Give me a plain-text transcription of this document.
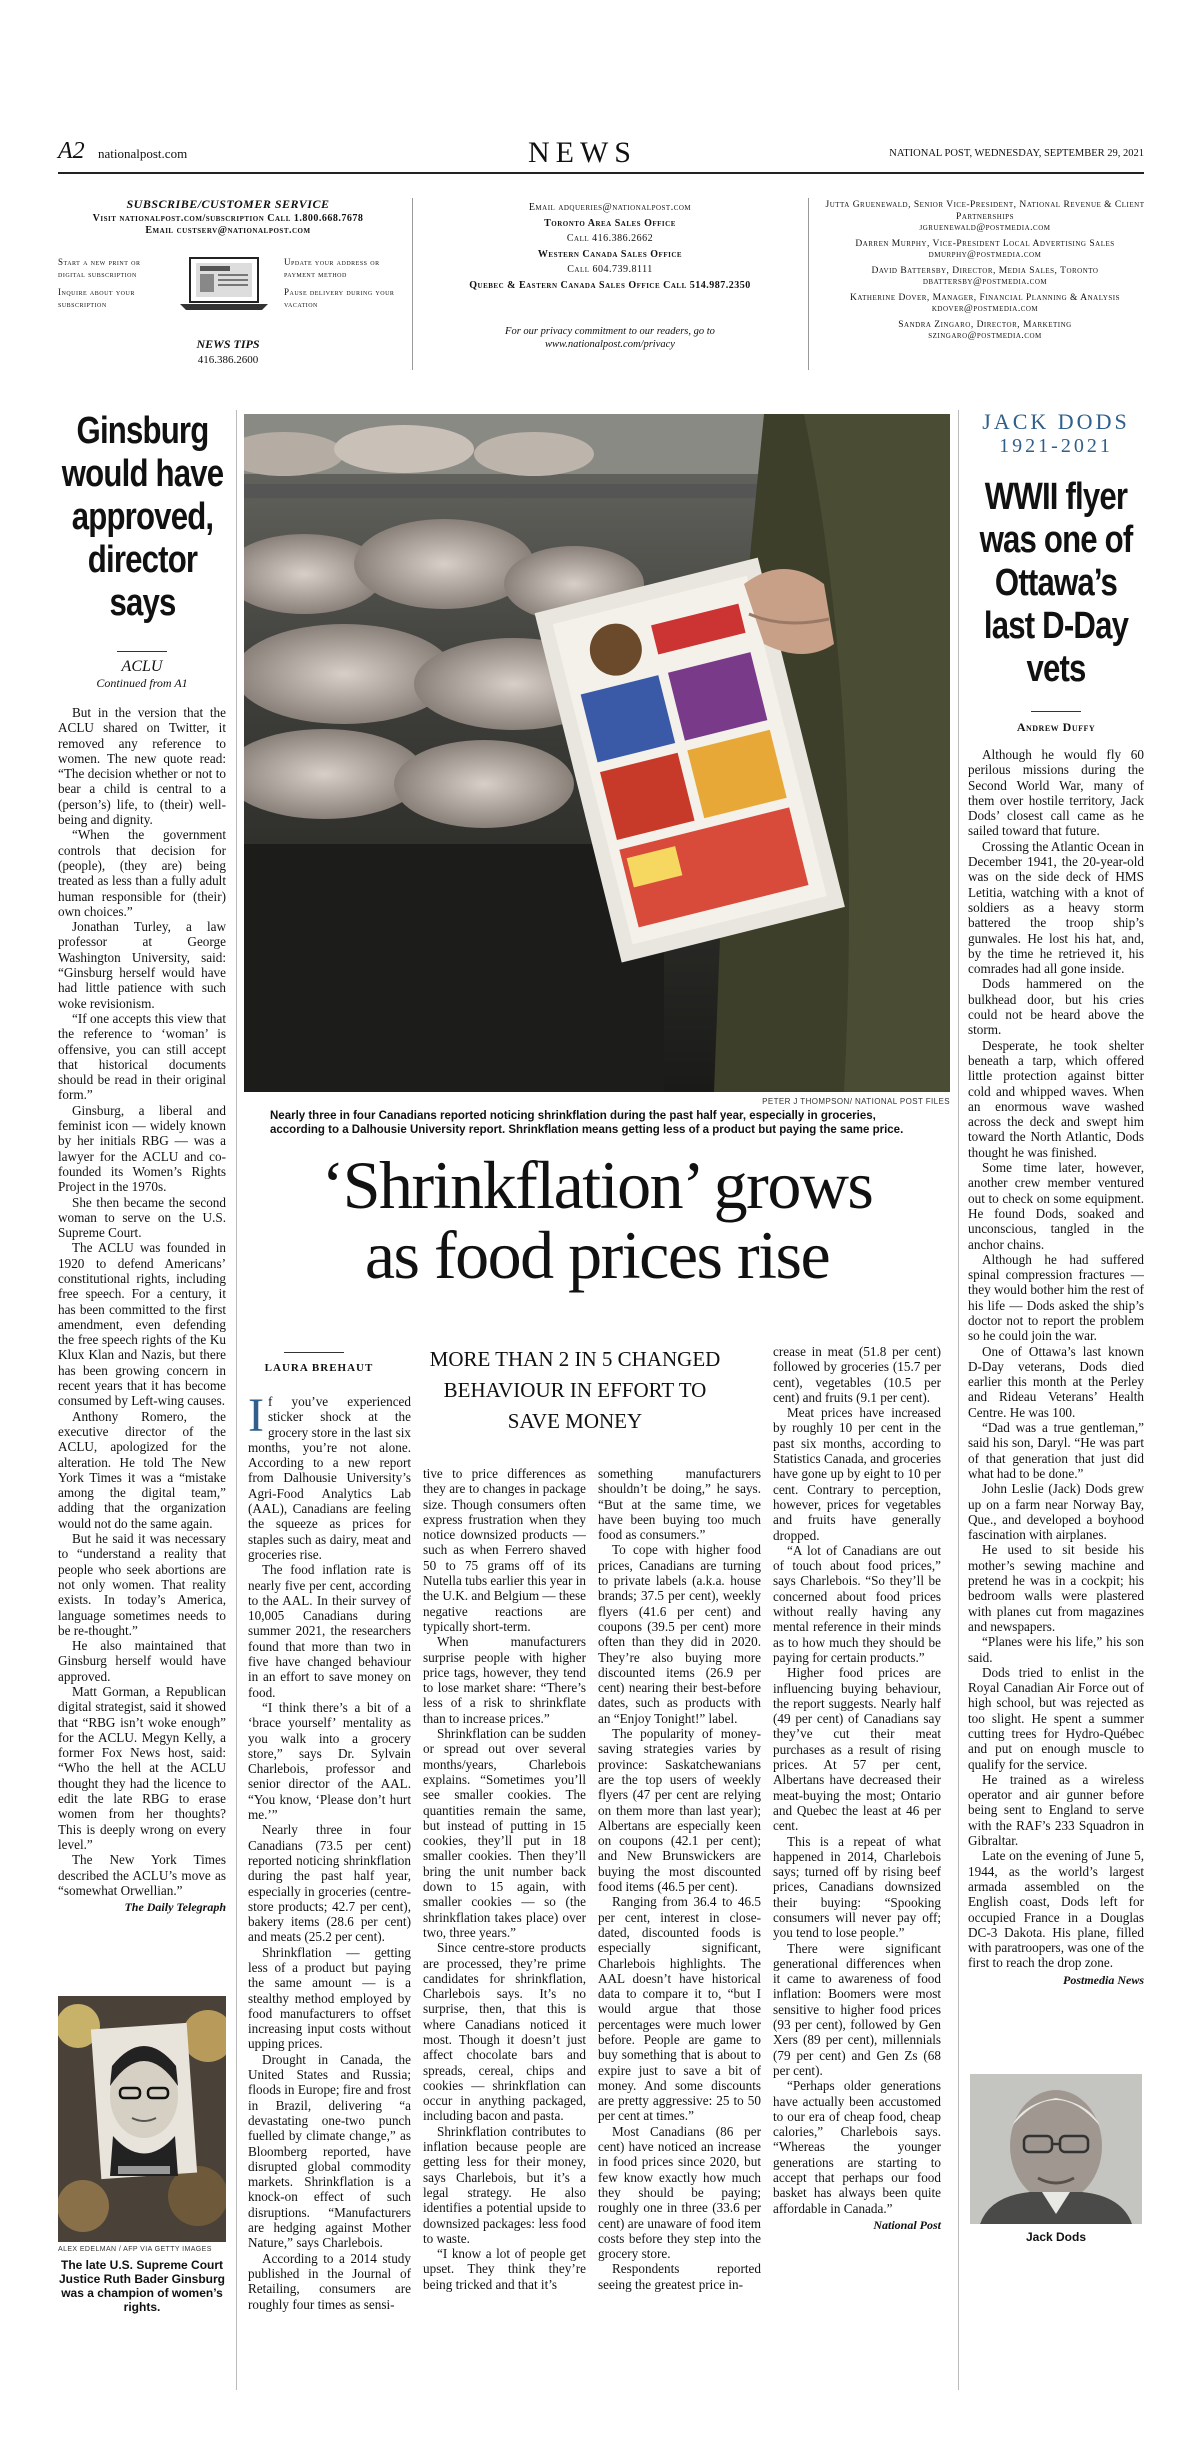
A2 nationalpost.com	NEWS	NATIONAL POST, WEDNESDAY, SEPTEMBER 29, 2021
SUBSCRIBE/CUSTOMER SERVICE
Visit nationalpost.com/subscription Call 1.800.668.7678
Email custserv@nationalpost.com
Start a new print or digital subscription
Inquire about your subscription
Update your address or payment method
Pause delivery during your vacation
NEWS TIPS
416.386.2600
Email adqueries@nationalpost.com
Toronto Area Sales Office
Call 416.386.2662
Western Canada Sales Office
Call 604.739.8111
Quebec & Eastern Canada Sales Office Call 514.987.2350
For our privacy commitment to our readers, go to www.nationalpost.com/privacy
Jutta Gruenewald, Senior Vice-President, National Revenue & Client Partnerships
jgruenewald@postmedia.com
Darren Murphy, Vice-President Local Advertising Sales
dmurphy@postmedia.com
David Battersby, Director, Media Sales, Toronto
dbattersby@postmedia.com
Katherine Dover, Manager, Financial Planning & Analysis
kdover@postmedia.com
Sandra Zingaro, Director, Marketing
szingaro@postmedia.com
Ginsburg would have approved, director says
ACLU
Continued from A1

But in the version that the ACLU shared on Twitter, it removed any reference to women. The new quote read: “The decision whether or not to bear a child is central to a (person’s) life, to (their) well-being and dignity.

“When the government controls that decision for (people), (they are) being treated as less than a fully adult human responsible for (their) own choices.”

Jonathan Turley, a law professor at George Washington University, said: “Ginsburg herself would have had little patience with such woke revisionism.

“If one accepts this view that the reference to ‘woman’ is offensive, you can still accept that historical documents should be read in their original form.”

Ginsburg, a liberal and feminist icon — widely known by her initials RBG — was a lawyer for the ACLU and co-founded its Women’s Rights Project in the 1970s.

She then became the second woman to serve on the U.S. Supreme Court.

The ACLU was founded in 1920 to defend Americans’ constitutional rights, including free speech. For a century, it has been committed to the first amendment, even defending the free speech rights of the Ku Klux Klan and Nazis, but there has been growing concern in recent years that it has become consumed by Left-wing causes.

Anthony Romero, the executive director of the ACLU, apologized for the alteration. He told The New York Times it was a “mistake among the digital team,” adding that the organization would not do the same again.

But he said it was necessary to “understand a reality that people who seek abortions are not only women. That reality exists. In today’s America, language sometimes needs to be re-thought.”

He also maintained that Ginsburg herself would have approved.

Matt Gorman, a Republican digital strategist, said it showed that “RBG isn’t woke enough” for the ACLU. Megyn Kelly, a former Fox News host, said: “Who the hell at the ACLU thought they had the licence to edit the late RBG to erase women from her thoughts? This is deeply wrong on every level.”

The New York Times described the ACLU’s move as “somewhat Orwellian.”

The Daily Telegraph
ALEX EDELMAN / AFP VIA GETTY IMAGES
The late U.S. Supreme Court Justice Ruth Bader Ginsburg was a champion of women’s rights.
PETER J THOMPSON/ NATIONAL POST FILES
Nearly three in four Canadians reported noticing shrinkflation during the past half year, especially in groceries, according to a Dalhousie University report. Shrinkflation means getting less of a product but paying the same price.
‘Shrinkflation’ grows
as food prices rise
LAURA BREHAUT	MORE THAN 2 IN 5 CHANGED BEHAVIOUR IN EFFORT TO SAVE MONEY

If you’ve experienced sticker shock at the grocery store in the last six months, you’re not alone. According to a new report from Dalhousie University’s Agri-Food Analytics Lab (AAL), Canadians are feeling the squeeze as prices for staples such as dairy, meat and groceries rise.

The food inflation rate is nearly five per cent, according to the AAL. In their survey of 10,005 Canadians during summer 2021, the researchers found that more than two in five have changed behaviour in an effort to save money on food.

“I think there’s a bit of a ‘brace yourself’ mentality as you walk into a grocery store,” says Dr. Sylvain Charlebois, professor and senior director of the AAL. “You know, ‘Please don’t hurt me.’”

Nearly three in four Canadians (73.5 per cent) reported noticing shrinkflation during the past half year, especially in groceries (centre-store products; 42.7 per cent), bakery items (28.6 per cent) and meats (25.2 per cent).

Shrinkflation — getting less of a product but paying the same amount — is a stealthy method employed by food manufacturers to offset increasing input costs without upping prices.

Drought in Canada, the United States and Russia; floods in Europe; fire and frost in Brazil, delivering “a devastating one-two punch fuelled by climate change,” as Bloomberg reported, have disrupted global commodity markets. Shrinkflation is a knock-on effect of such disruptions. “Manufacturers are hedging against Mother Nature,” says Charlebois.

According to a 2014 study published in the Journal of Retailing, consumers are roughly four times as sensi-

tive to price differences as they are to changes in package size. Though consumers often express frustration when they notice downsized products — such as when Ferrero shaved 50 to 75 grams off of its Nutella tubs earlier this year in the U.K. and Belgium — these negative reactions are typically short-term.

When manufacturers surprise people with higher price tags, however, they tend to lose market share: “There’s less of a risk to shrinkflate than to increase prices.”

Shrinkflation can be sudden or spread out over several months/years, Charlebois explains. “Sometimes you’ll see smaller cookies. The quantities remain the same, but instead of putting in 15 cookies, they’ll put in 18 smaller cookies. Then they’ll bring the unit number back down to 15 again, with smaller cookies — so (the shrinkflation takes place) over two, three years.”

Since centre-store products are processed, they’re prime candidates for shrinkflation, Charlebois says. It’s no surprise, then, that this is where Canadians noticed it most. Though it doesn’t just affect chocolate bars and spreads, cereal, chips and cookies — shrinkflation can occur in anything packaged, including bacon and pasta.

Shrinkflation contributes to inflation because people are getting less for their money, says Charlebois, but it’s a legal strategy. He also identifies a potential upside to downsized packages: less food to waste.

“I know a lot of people get upset. They think they’re being tricked and that it’s

something manufacturers shouldn’t be doing,” he says. “But at the same time, we have been buying too much food as consumers.”

To cope with higher food prices, Canadians are turning to private labels (a.k.a. house brands; 37.5 per cent), weekly flyers (41.6 per cent) and coupons (39.5 per cent) more often than they did in 2020. They’re also buying more discounted items (26.9 per cent) nearing their best-before dates, such as products with an “Enjoy Tonight!” label.

The popularity of money-saving strategies varies by province: Saskatchewanians are the top users of weekly flyers (47 per cent are relying on them more than last year); Albertans are especially keen on coupons (42.1 per cent); and New Brunswickers are buying the most discounted food items (46.5 per cent).

Ranging from 36.4 to 46.5 per cent, interest in close-dated, discounted foods is especially significant, Charlebois highlights. The AAL doesn’t have historical data to compare it to, “but I would argue that those percentages were much lower before. People are game to buy something that is about to expire just to save a bit of money. And some discounts are pretty aggressive: 25 to 50 per cent at times.”

Most Canadians (86 per cent) have noticed an increase in food prices since 2020, but few know exactly how much they should be paying; roughly one in three (33.6 per cent) are unaware of food item costs before they step into the grocery store.

Respondents reported seeing the greatest price in-

crease in meat (51.8 per cent) followed by groceries (15.7 per cent), vegetables (10.5 per cent) and fruits (9.1 per cent).

Meat prices have increased by roughly 10 per cent in the past six months, according to Statistics Canada, and groceries have gone up by eight to 10 per cent. Contrary to perception, however, prices for vegetables and fruits have generally dropped.

“A lot of Canadians are out of touch about food prices,” says Charlebois. “So they’ll be concerned about food prices without really having any mental reference in their minds as to how much they should be paying for certain products.”

Higher food prices are influencing buying behaviour, the report suggests. Nearly half (49 per cent) of Canadians say they’ve cut their meat purchases as a result of rising prices. At 57 per cent, Albertans have decreased their meat-buying the most; Ontario and Quebec the least at 46 per cent.

This is a repeat of what happened in 2014, Charlebois says; turned off by rising beef prices, Canadians downsized their buying: “Spooking consumers will never pay off; you tend to lose people.”

There were significant generational differences when it came to awareness of food inflation: Boomers were most sensitive to higher food prices (93 per cent), followed by Gen Xers (89 per cent), millennials (79 per cent) and Gen Zs (68 per cent).

“Perhaps older generations have actually been accustomed to our era of cheap food, cheap calories,” Charlebois says. “Whereas the younger generations are starting to accept that perhaps our food basket has always been quite affordable in Canada.”

National Post
JACK DODS
1921-2021
WWII flyer was one of Ottawa’s last D-Day vets
Andrew Duffy

Although he would fly 60 perilous missions during the Second World War, many of them over hostile territory, Jack Dods’ closest call came as he sailed toward that future.

Crossing the Atlantic Ocean in December 1941, the 20-year-old was on the side deck of HMS Letitia, watching with a knot of soldiers as a heavy storm battered the troop ship’s gunwales. He lost his hat, and, by the time he retrieved it, his comrades had all gone inside.

Dods hammered on the bulkhead door, but his cries could not be heard above the storm.

Desperate, he took shelter beneath a tarp, which offered little protection against bitter cold and whipped waves. When an enormous wave washed across the deck and swept him toward the North Atlantic, Dods thought he was finished.

Some time later, however, another crew member ventured out to check on some equipment. He found Dods, soaked and unconscious, tangled in the anchor chains.

Although he had suffered spinal compression fractures — they would bother him the rest of his life — Dods asked the ship’s doctor not to report the problem so he could join the war.

One of Ottawa’s last known D-Day veterans, Dods died earlier this month at the Perley and Rideau Veterans’ Health Centre. He was 100.

“Dad was a true gentleman,” said his son, Daryl. “He was part of that generation that just did what had to be done.”

John Leslie (Jack) Dods grew up on a farm near Norway Bay, Que., and developed a boyhood fascination with airplanes.

He used to sit beside his mother’s sewing machine and pretend he was in a cockpit; his bedroom walls were plastered with planes cut from magazines and newspapers.

“Planes were his life,” his son said.

Dods tried to enlist in the Royal Canadian Air Force out of high school, but was rejected as too slight. He spent a summer cutting trees for Hydro-Québec and put on enough muscle to qualify for the service.

He trained as a wireless operator and air gunner before being sent to England to serve with the RAF’s 233 Squadron in Gibraltar.

Late on the evening of June 5, 1944, as the world’s largest armada assembled on the English coast, Dods left for occupied France in a Douglas DC-3 Dakota. His plane, filled with paratroopers, was one of the first to reach the drop zone.

Postmedia News
Jack Dods
